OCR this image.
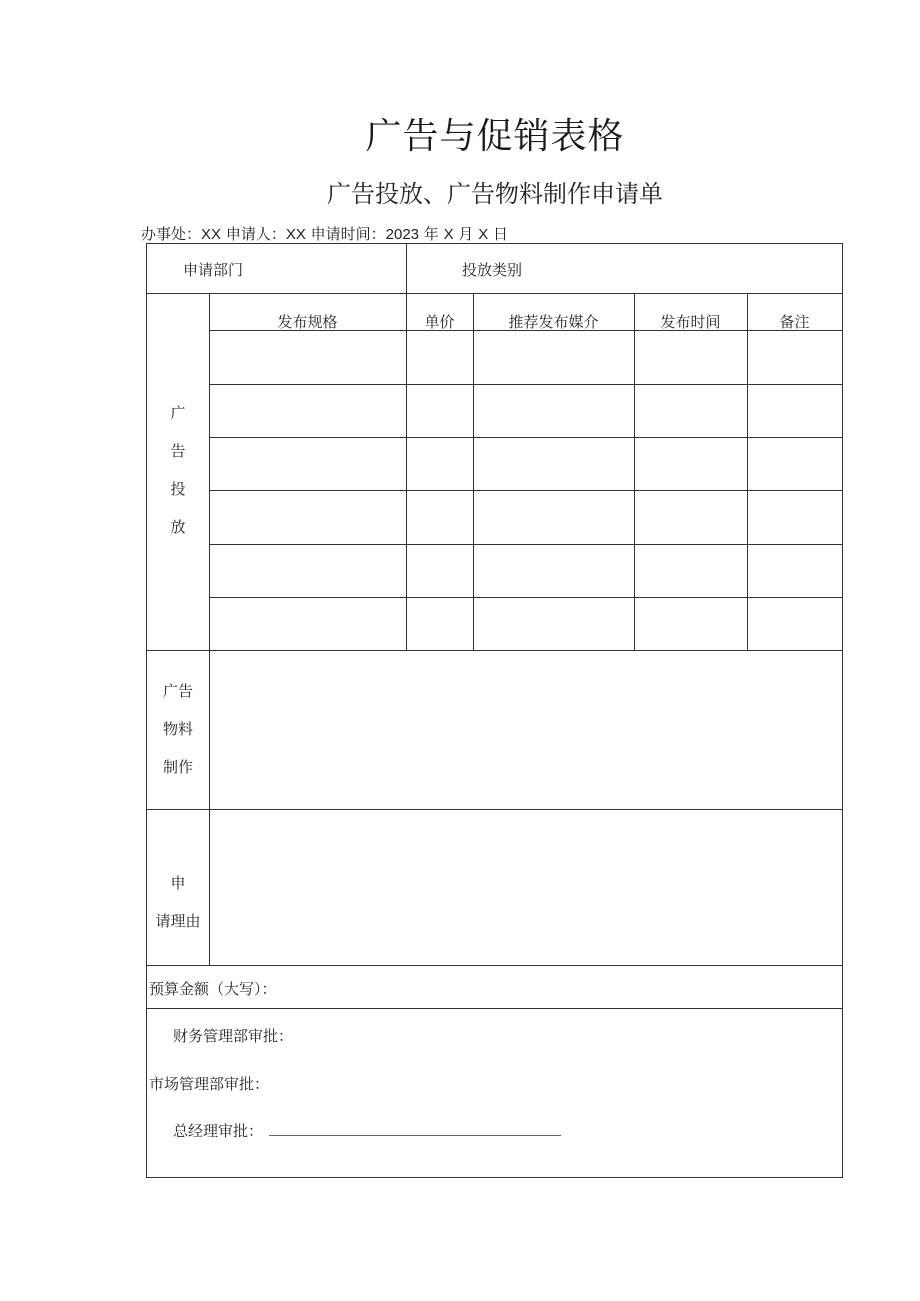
广告与促销表格
广告投放、广告物料制作申请单
办事处：XX 申请人：XX 申请时间：2023 年 X 月 X 日
申请部门	投放类别
广
告
投
放
发布规格	单价	推荐发布媒介	发布时间	备注
广告
物料
制作
申
请理由
预算金额（大写）：
财务管理部审批：
市场管理部审批：
总经理审批：
